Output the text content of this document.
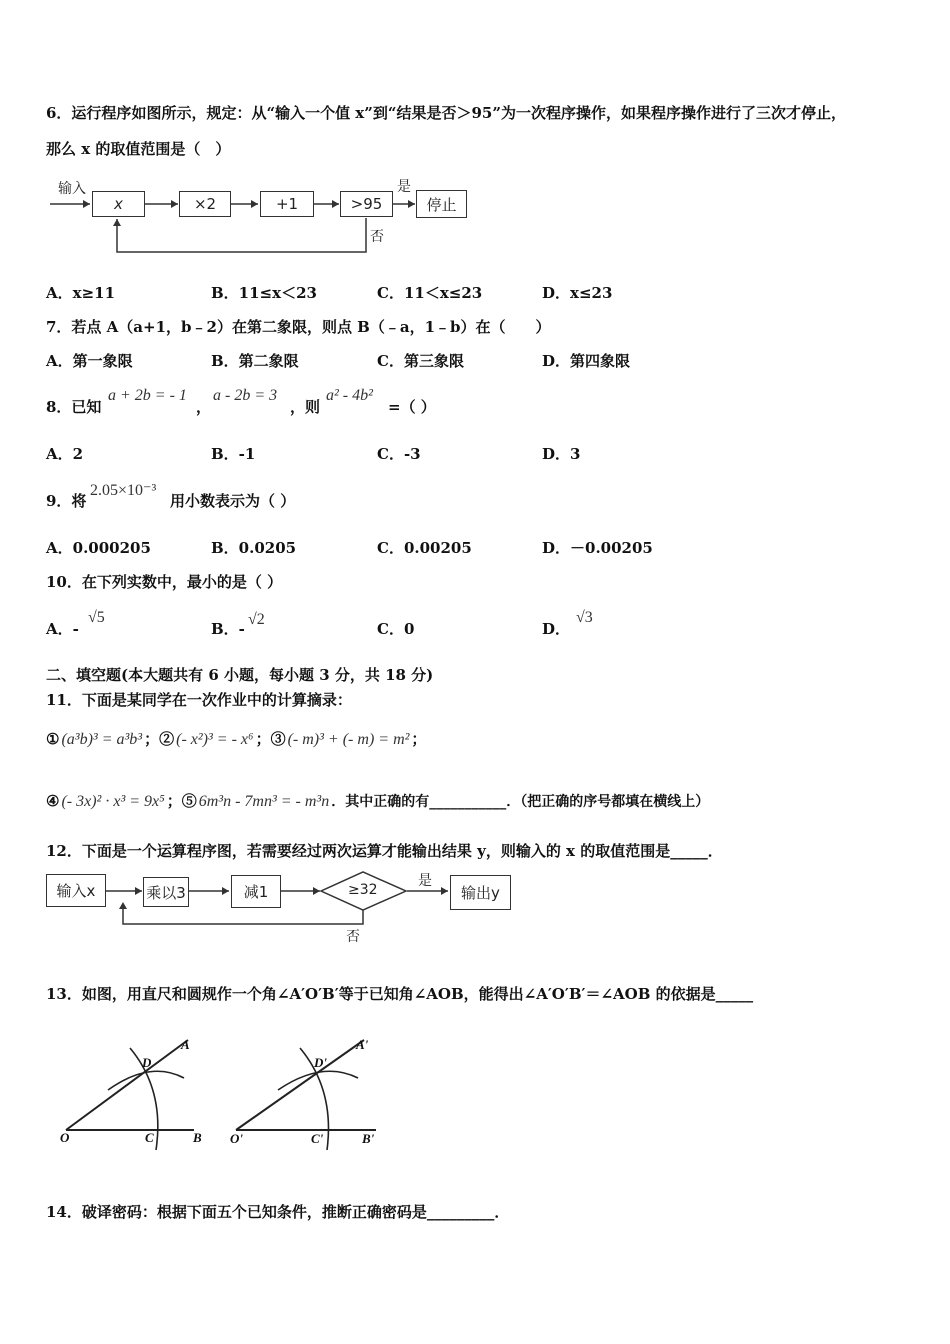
6．运行程序如图所示，规定：从“输入一个值 x”到“结果是否＞95”为一次程序操作，如果程序操作进行了三次才停止，
那么 x 的取值范围是（　）
输入
x	×2	+1	>95	停止
是
否
A．x≥11	B．11≤x＜23	C．11＜x≤23	D．x≤23
7．若点 A（a+1，b﹣2）在第二象限，则点 B（﹣a，1﹣b）在（　　）
A．第一象限	B．第二象限	C．第三象限	D．第四象限
8．已知
a + 2b = - 1
，
a - 2b = 3
，则
a² - 4b²
=（ ）
A．2	B．-1	C．-3	D．3
9．将
2.05×10⁻³
用小数表示为（ ）
A．0.000205	B．0.0205	C．0.00205	D．－0.00205
10．在下列实数中，最小的是（ ）
A．-
√5
B．-
√2
C．0	D．
√3
二、填空题(本大题共有 6 小题，每小题 3 分，共 18 分)
11．下面是某同学在一次作业中的计算摘录：
① (a³b)³ = a³b³ ；② (- x²)³ = - x⁶ ；③ (- m)³ + (- m) = m² ；
④ (- 3x)² · x³ = 9x⁵ ；⑤ 6m³n - 7mn³ = - m³n ．其中正确的有___________．（把正确的序号都填在横线上）
12．下面是一个运算程序图，若需要经过两次运算才能输出结果 y，则输入的 x 的取值范围是_____．
输入x	乘以3	减1	≥32	输出y
是
否
13．如图，用直尺和圆规作一个角∠A′O′B′等于已知角∠AOB，能得出∠A′O′B′＝∠AOB 的依据是_____
O	C	B
D
A
O'	C'	B'
D'
A'
14．破译密码：根据下面五个已知条件，推断正确密码是_________．
